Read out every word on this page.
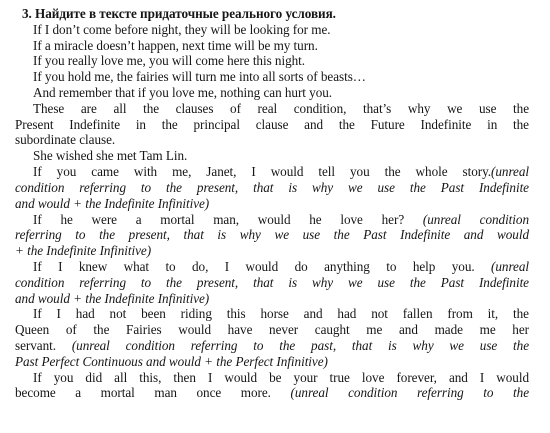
3. Найдите в тексте придаточные реального условия.
If I don’t come before night, they will be looking for me.
If a miracle doesn’t happen, next time will be my turn.
If you really love me, you will come here this night.
If you hold me, the fairies will turn me into all sorts of beasts…
And remember that if you love me, nothing can hurt you.
These are all the clauses of real condition, that’s why we use the
Present Indefinite in the principal clause and the Future Indefinite in the
subordinate clause.
She wished she met Tam Lin.
If you came with me, Janet, I would tell you the whole story.(unreal
condition referring to the present, that is why we use the Past Indefinite
and would + the Indefinite Infinitive)
If he were a mortal man, would he love her? (unreal condition
referring to the present, that is why we use the Past Indefinite and would
+ the Indefinite Infinitive)
If I knew what to do, I would do anything to help you. (unreal
condition referring to the present, that is why we use the Past Indefinite
and would + the Indefinite Infinitive)
If I had not been riding this horse and had not fallen from it, the
Queen of the Fairies would have never caught me and made me her
servant. (unreal condition referring to the past, that is why we use the
Past Perfect Continuous and would + the Perfect Infinitive)
If you did all this, then I would be your true love forever, and I would
become a mortal man once more. (unreal condition referring to the
